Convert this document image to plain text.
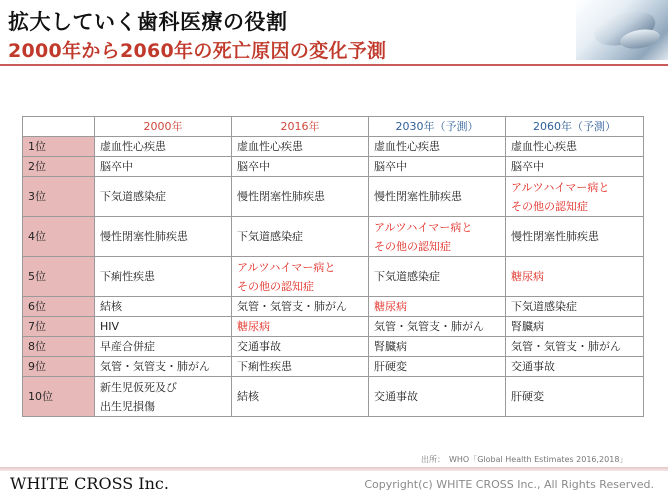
拡大していく歯科医療の役割
2000年から2060年の死亡原因の変化予測
	2000年	2016年	2030年（予測）	2060年（予測）
1位	虚血性心疾患	虚血性心疾患	虚血性心疾患	虚血性心疾患

2位	脳卒中	脳卒中	脳卒中	脳卒中

3位	下気道感染症	慢性閉塞性肺疾患	慢性閉塞性肺疾患	アルツハイマー病と
その他の認知症

4位	慢性閉塞性肺疾患	下気道感染症	アルツハイマー病と
その他の認知症	慢性閉塞性肺疾患

5位	下痢性疾患	アルツハイマー病と
その他の認知症	下気道感染症	糖尿病

6位	結核	気管・気管支・肺がん	糖尿病	下気道感染症

7位	HIV	糖尿病	気管・気管支・肺がん	腎臓病

8位	早産合併症	交通事故	腎臓病	気管・気管支・肺がん

9位	気管・気管支・肺がん	下痢性疾患	肝硬変	交通事故

10位	新生児仮死及び
出生児損傷	結核	交通事故	肝硬変
出所：　WHO「Global Health Estimates 2016,2018」
WHITE CROSS Inc.	Copyright(c) WHITE CROSS Inc., All Rights Reserved.
